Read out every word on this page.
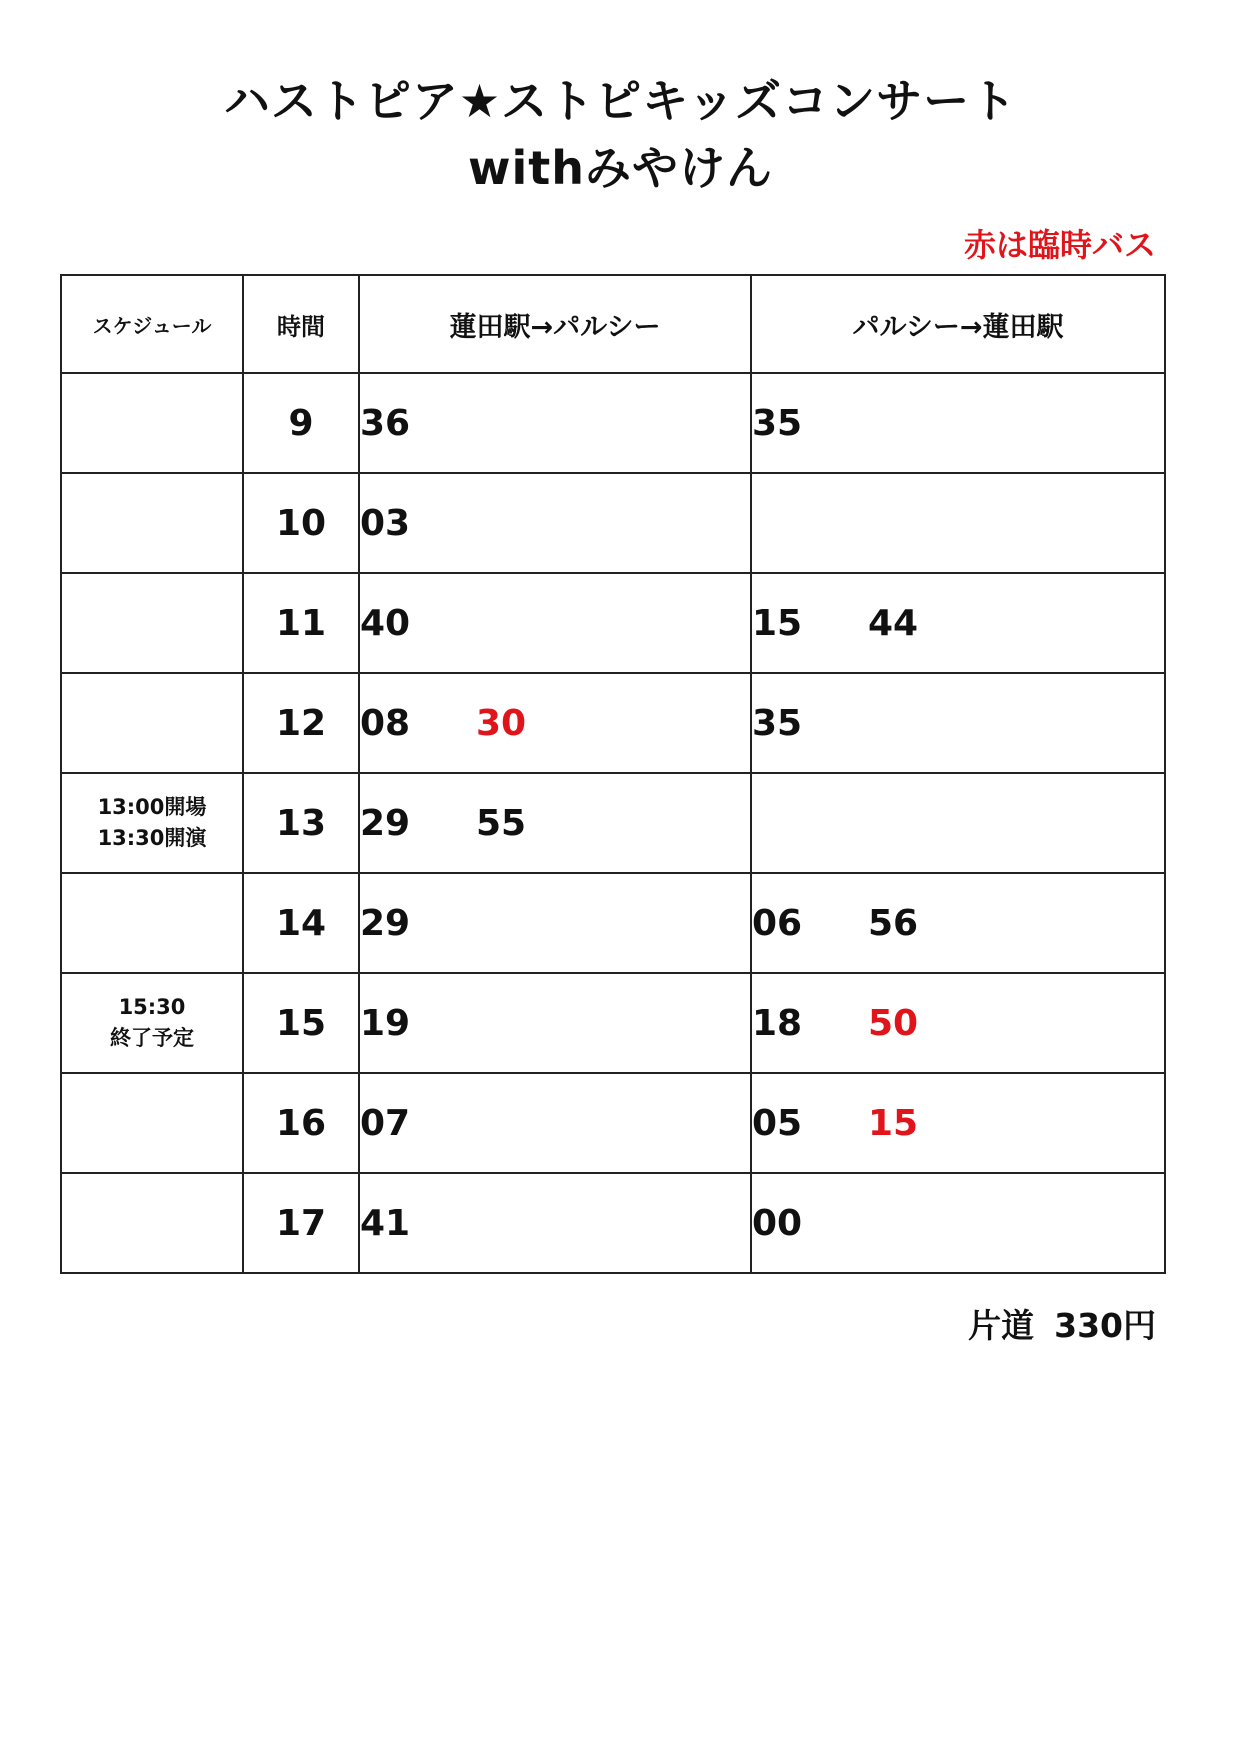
ハストピア★ストピキッズコンサート
withみやけん
赤は臨時バス
スケジュール	時間	蓮田駅→パルシー	パルシー→蓮田駅
	9	36	35
	10	03	
	11	40	15 44
	12	08 30	35

13:00開場
13:30開演	13	29 55	
	14	29	06 56

15:30
終了予定	15	19	18 50
	16	07	05 15
	17	41	00
片道 330円
